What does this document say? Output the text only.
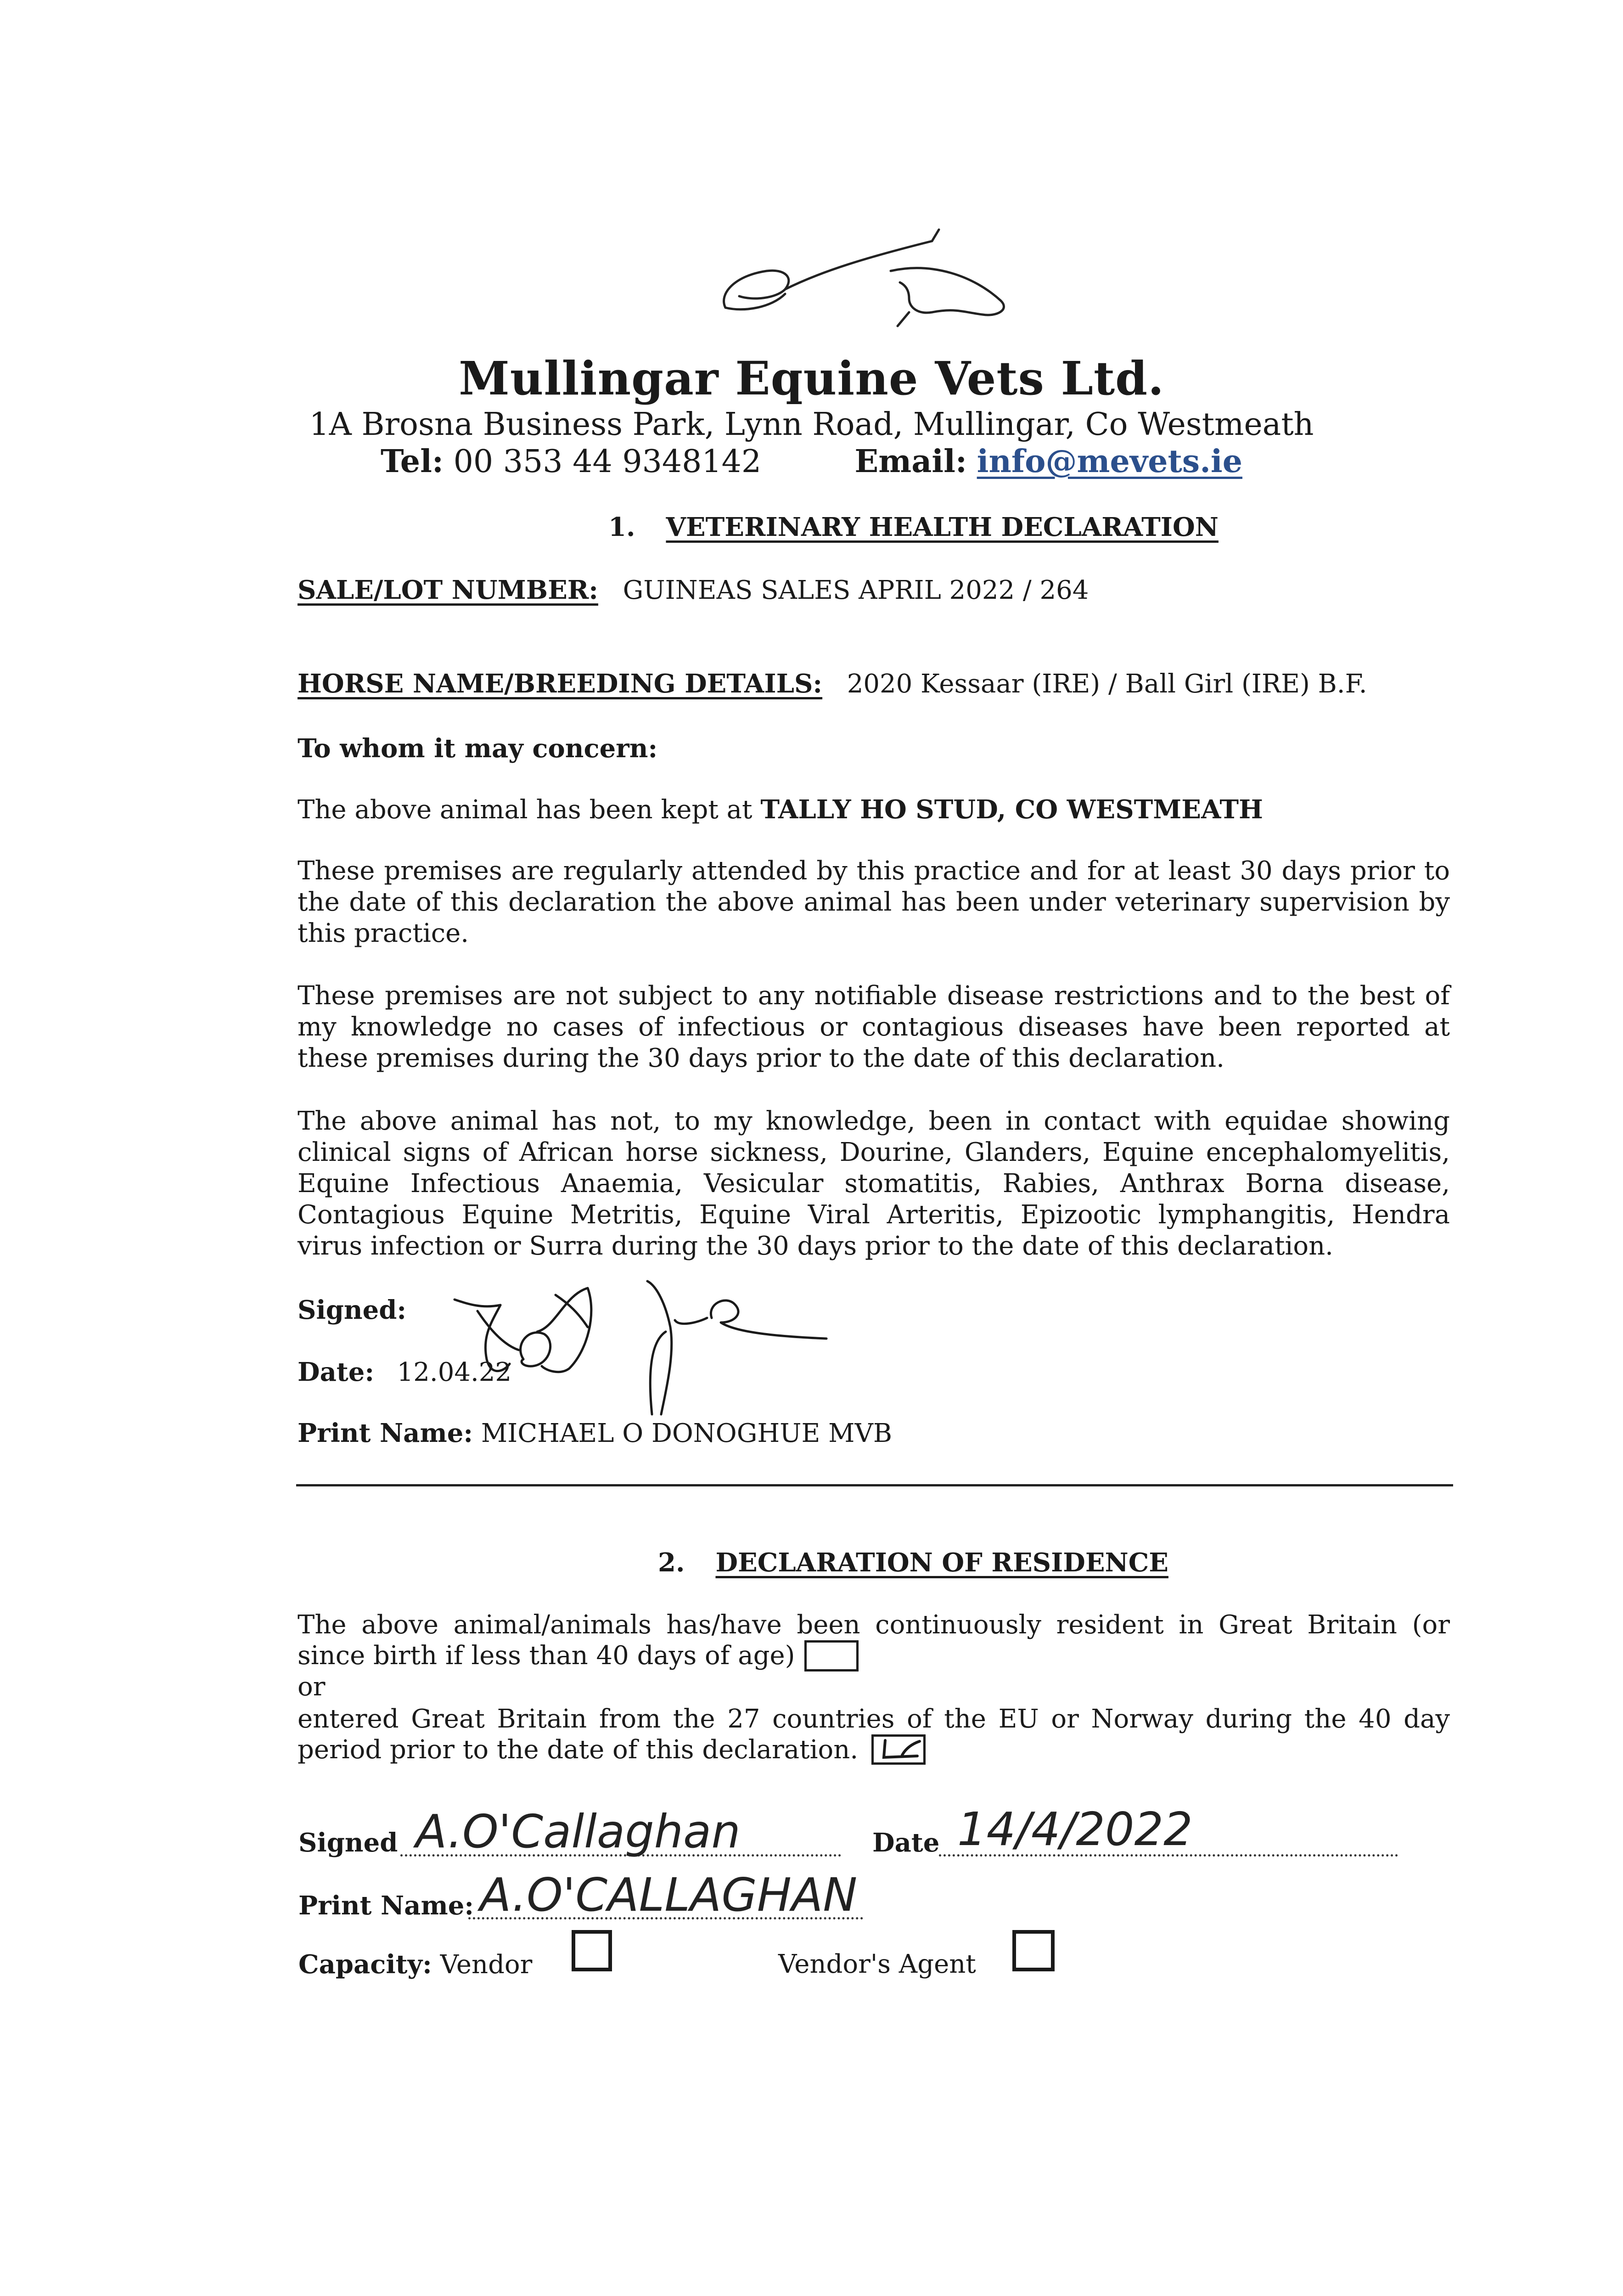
Mullingar Equine Vets Ltd.
1A Brosna Business Park, Lynn Road, Mullingar, Co Westmeath
Tel: 00 353 44 9348142	Email: info@mevets.ie
1. VETERINARY HEALTH DECLARATION
SALE/LOT NUMBER: GUINEAS SALES APRIL 2022 / 264
HORSE NAME/BREEDING DETAILS: 2020 Kessaar (IRE) / Ball Girl (IRE) B.F.
To whom it may concern:
The above animal has been kept at TALLY HO STUD, CO WESTMEATH
These premises are regularly attended by this practice and for at least 30 days prior to the date of this declaration the above animal has been under veterinary supervision by this practice.
These premises are not subject to any notifiable disease restrictions and to the best of my knowledge no cases of infectious or contagious diseases have been reported at these premises during the 30 days prior to the date of this declaration.
The above animal has not, to my knowledge, been in contact with equidae showing clinical signs of African horse sickness, Dourine, Glanders, Equine encephalomyelitis, Equine Infectious Anaemia, Vesicular stomatitis, Rabies, Anthrax Borna disease, Contagious Equine Metritis, Equine Viral Arteritis, Epizootic lymphangitis, Hendra virus infection or Surra during the 30 days prior to the date of this declaration.
Signed:
Date: 12.04.22
Print Name: MICHAEL O DONOGHUE MVB
2. DECLARATION OF RESIDENCE
The above animal/animals has/have been continuously resident in Great Britain (or
since birth if less than 40 days of age)
or
entered Great Britain from the 27 countries of the EU or Norway during the 40 day
period prior to the date of this declaration.
Signed A.O'Callaghan	Date 14/4/2022
Print Name: A.O'CALLAGHAN
Capacity: Vendor	Vendor's Agent
